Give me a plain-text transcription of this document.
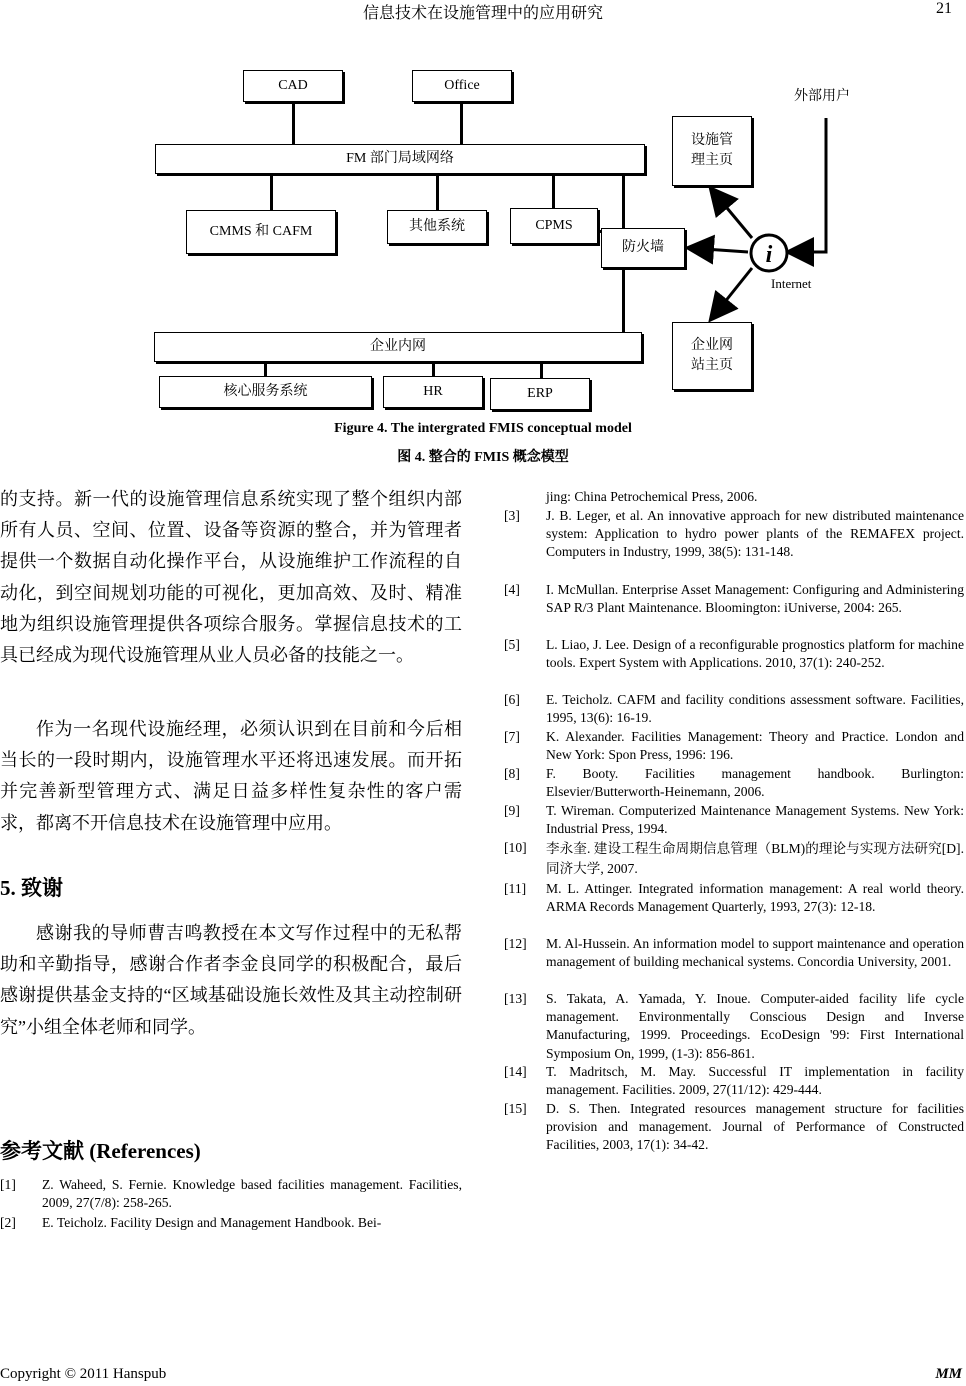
信息技术在设施管理中的应用研究	21
i
CAD	Office
FM 部门局域网络
CMMS 和 CAFM	其他系统	CPMS
防火墙
设施管
理主页
外部用户
Internet
企业内网	企业网
站主页
核心服务系统	HR	ERP
Figure 4. The intergrated FMIS conceptual model
图 4. 整合的 FMIS 概念模型
的支持。新一代的设施管理信息系统实现了整个组织内部所有人员、空间、位置、设备等资源的整合，并为管理者提供一个数据自动化操作平台，从设施维护工作流程的自动化，到空间规划功能的可视化，更加高效、及时、精准地为组织设施管理提供各项综合服务。掌握信息技术的工具已经成为现代设施管理从业人员必备的技能之一。
作为一名现代设施经理，必须认识到在目前和今后相当长的一段时期内，设施管理水平还将迅速发展。而开拓并完善新型管理方式、满足日益多样性复杂性的客户需求，都离不开信息技术在设施管理中应用。
5. 致谢
感谢我的导师曹吉鸣教授在本文写作过程中的无私帮助和辛勤指导，感谢合作者李金良同学的积极配合，最后感谢提供基金支持的“区域基础设施长效性及其主动控制研究”小组全体老师和同学。
参考文献 (References)
[1] Z. Waheed, S. Fernie. Knowledge based facilities management. Facilities, 2009, 27(7/8): 258-265.
[2] E. Teicholz. Facility Design and Management Handbook. Bei-
jing: China Petrochemical Press, 2006.
[3] J. B. Leger, et al. An innovative approach for new distributed maintenance system: Application to hydro power plants of the REMAFEX project. Computers in Industry, 1999, 38(5): 131-148.
[4] I. McMullan. Enterprise Asset Management: Configuring and Administering SAP R/3 Plant Maintenance. Bloomington: iUniverse, 2004: 265.
[5] L. Liao, J. Lee. Design of a reconfigurable prognostics platform for machine tools. Expert System with Applications. 2010, 37(1): 240-252.
[6] E. Teicholz. CAFM and facility conditions assessment software. Facilities, 1995, 13(6): 16-19.
[7] K. Alexander. Facilities Management: Theory and Practice. London and New York: Spon Press, 1996: 196.
[8] F. Booty. Facilities management handbook. Burlington: Elsevier/Butterworth-Heinemann, 2006.
[9] T. Wireman. Computerized Maintenance Management Systems. New York: Industrial Press, 1994.
[10] 李永奎. 建设工程生命周期信息管理（BLM)的理论与实现方法研究[D]. 同济大学, 2007.
[11] M. L. Attinger. Integrated information management: A real world theory. ARMA Records Management Quarterly, 1993, 27(3): 12-18.
[12] M. Al-Hussein. An information model to support maintenance and operation management of building mechanical systems. Concordia University, 2001.
[13] S. Takata, A. Yamada, Y. Inoue. Computer-aided facility life cycle management. Environmentally Conscious Design and Inverse Manufacturing, 1999. Proceedings. EcoDesign '99: First International Symposium On, 1999, (1-3): 856-861.
[14] T. Madritsch, M. May. Successful IT implementation in facility management. Facilities. 2009, 27(11/12): 429-444.
[15] D. S. Then. Integrated resources management structure for facilities provision and management. Journal of Performance of Constructed Facilities, 2003, 17(1): 34-42.
Copyright © 2011 Hanspub	MM
